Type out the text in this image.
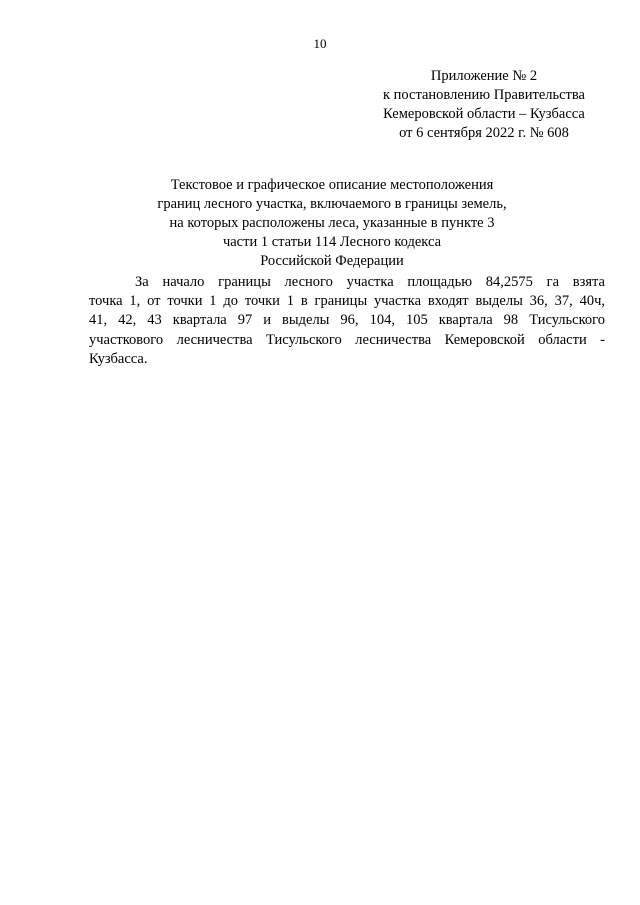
10
Приложение № 2
к постановлению Правительства
Кемеровской области – Кузбасса
от 6 сентября 2022 г. № 608
Текстовое и графическое описание местоположения
границ лесного участка, включаемого в границы земель,
на которых расположены леса, указанные в пункте 3
части 1 статьи 114 Лесного кодекса
Российской Федерации
За начало границы лесного участка площадью 84,2575 га взята
точка 1, от точки 1 до точки 1 в границы участка входят выделы 36, 37, 40ч,
41, 42, 43 квартала 97 и выделы 96, 104, 105 квартала 98 Тисульского
участкового лесничества Тисульского лесничества Кемеровской области -
Кузбасса.
